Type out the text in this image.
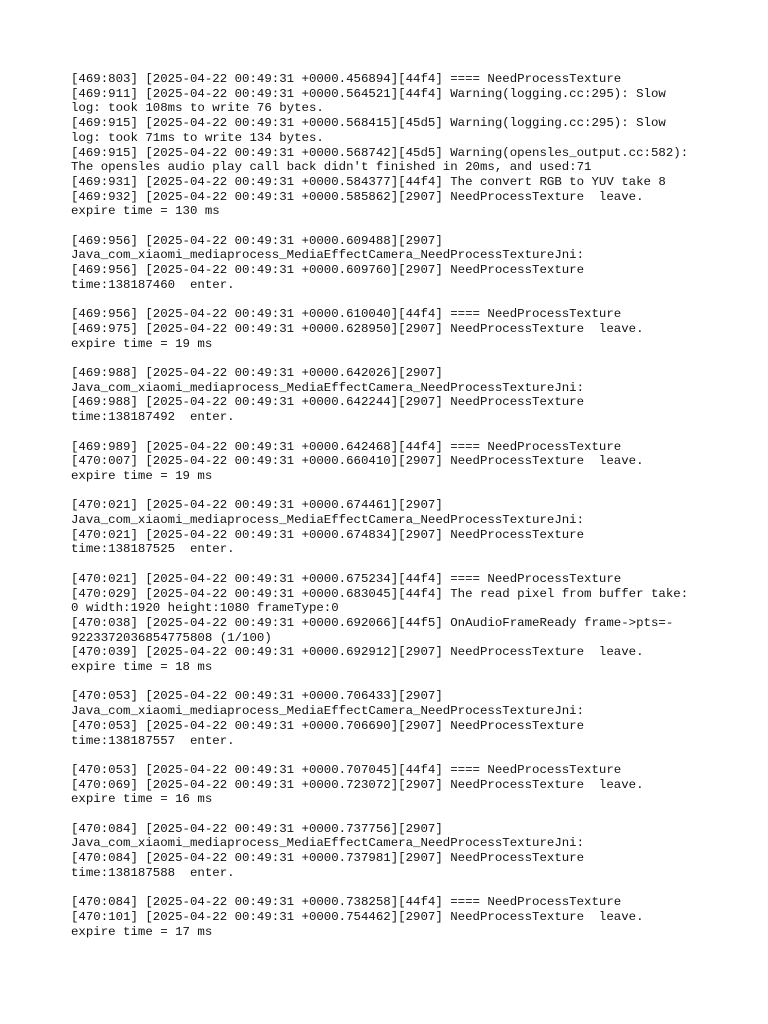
[469:803] [2025-04-22 00:49:31 +0000.456894][44f4] ==== NeedProcessTexture
[469:911] [2025-04-22 00:49:31 +0000.564521][44f4] Warning(logging.cc:295): Slow
log: took 108ms to write 76 bytes.
[469:915] [2025-04-22 00:49:31 +0000.568415][45d5] Warning(logging.cc:295): Slow
log: took 71ms to write 134 bytes.
[469:915] [2025-04-22 00:49:31 +0000.568742][45d5] Warning(opensles_output.cc:582):
The opensles audio play call back didn't finished in 20ms, and used:71
[469:931] [2025-04-22 00:49:31 +0000.584377][44f4] The convert RGB to YUV take 8
[469:932] [2025-04-22 00:49:31 +0000.585862][2907] NeedProcessTexture  leave.
expire time = 130 ms
[469:956] [2025-04-22 00:49:31 +0000.609488][2907]
Java_com_xiaomi_mediaprocess_MediaEffectCamera_NeedProcessTextureJni:
[469:956] [2025-04-22 00:49:31 +0000.609760][2907] NeedProcessTexture
time:138187460  enter.
[469:956] [2025-04-22 00:49:31 +0000.610040][44f4] ==== NeedProcessTexture
[469:975] [2025-04-22 00:49:31 +0000.628950][2907] NeedProcessTexture  leave.
expire time = 19 ms
[469:988] [2025-04-22 00:49:31 +0000.642026][2907]
Java_com_xiaomi_mediaprocess_MediaEffectCamera_NeedProcessTextureJni:
[469:988] [2025-04-22 00:49:31 +0000.642244][2907] NeedProcessTexture
time:138187492  enter.
[469:989] [2025-04-22 00:49:31 +0000.642468][44f4] ==== NeedProcessTexture
[470:007] [2025-04-22 00:49:31 +0000.660410][2907] NeedProcessTexture  leave.
expire time = 19 ms
[470:021] [2025-04-22 00:49:31 +0000.674461][2907]
Java_com_xiaomi_mediaprocess_MediaEffectCamera_NeedProcessTextureJni:
[470:021] [2025-04-22 00:49:31 +0000.674834][2907] NeedProcessTexture
time:138187525  enter.
[470:021] [2025-04-22 00:49:31 +0000.675234][44f4] ==== NeedProcessTexture
[470:029] [2025-04-22 00:49:31 +0000.683045][44f4] The read pixel from buffer take:
0 width:1920 height:1080 frameType:0
[470:038] [2025-04-22 00:49:31 +0000.692066][44f5] OnAudioFrameReady frame->pts=-
9223372036854775808 (1/100)
[470:039] [2025-04-22 00:49:31 +0000.692912][2907] NeedProcessTexture  leave.
expire time = 18 ms
[470:053] [2025-04-22 00:49:31 +0000.706433][2907]
Java_com_xiaomi_mediaprocess_MediaEffectCamera_NeedProcessTextureJni:
[470:053] [2025-04-22 00:49:31 +0000.706690][2907] NeedProcessTexture
time:138187557  enter.
[470:053] [2025-04-22 00:49:31 +0000.707045][44f4] ==== NeedProcessTexture
[470:069] [2025-04-22 00:49:31 +0000.723072][2907] NeedProcessTexture  leave.
expire time = 16 ms
[470:084] [2025-04-22 00:49:31 +0000.737756][2907]
Java_com_xiaomi_mediaprocess_MediaEffectCamera_NeedProcessTextureJni:
[470:084] [2025-04-22 00:49:31 +0000.737981][2907] NeedProcessTexture
time:138187588  enter.
[470:084] [2025-04-22 00:49:31 +0000.738258][44f4] ==== NeedProcessTexture
[470:101] [2025-04-22 00:49:31 +0000.754462][2907] NeedProcessTexture  leave.
expire time = 17 ms
